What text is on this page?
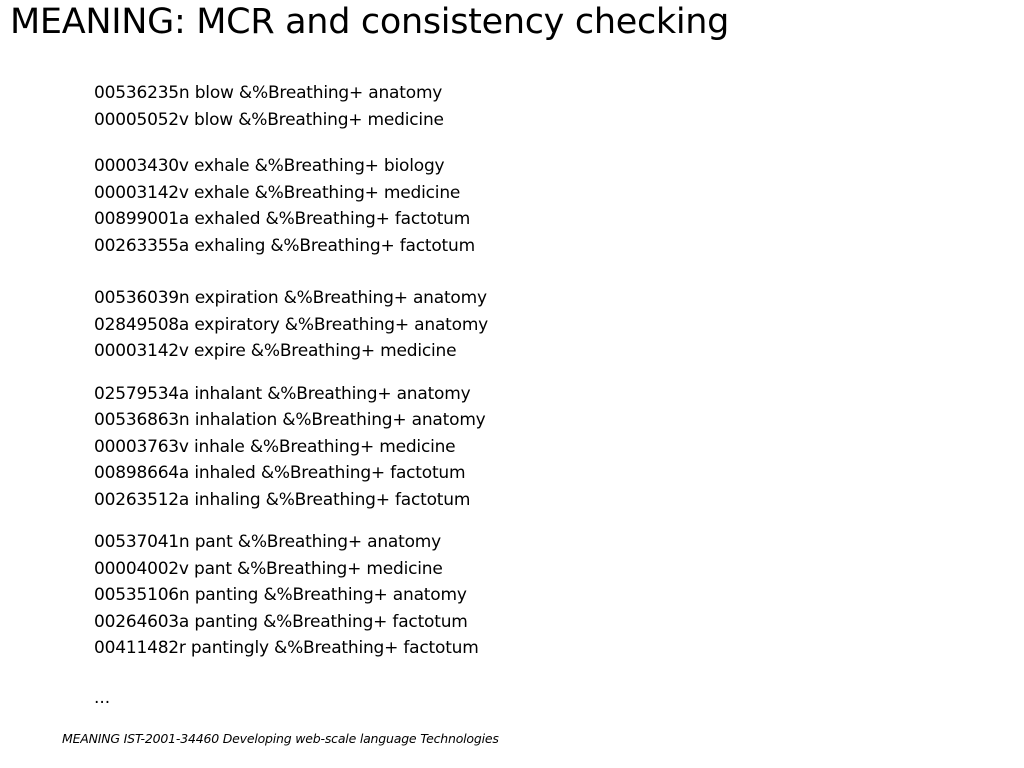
MEANING: MCR and consistency checking
00536235n blow &%Breathing+ anatomy
00005052v blow &%Breathing+ medicine
00003430v exhale &%Breathing+ biology
00003142v exhale &%Breathing+ medicine
00899001a exhaled &%Breathing+ factotum
00263355a exhaling &%Breathing+ factotum
00536039n expiration &%Breathing+ anatomy
02849508a expiratory &%Breathing+ anatomy
00003142v expire &%Breathing+ medicine
02579534a inhalant &%Breathing+ anatomy
00536863n inhalation &%Breathing+ anatomy
00003763v inhale &%Breathing+ medicine
00898664a inhaled &%Breathing+ factotum
00263512a inhaling &%Breathing+ factotum
00537041n pant &%Breathing+ anatomy
00004002v pant &%Breathing+ medicine
00535106n panting &%Breathing+ anatomy
00264603a panting &%Breathing+ factotum
00411482r pantingly &%Breathing+ factotum
...
MEANING IST-2001-34460 Developing web-scale language Technologies
